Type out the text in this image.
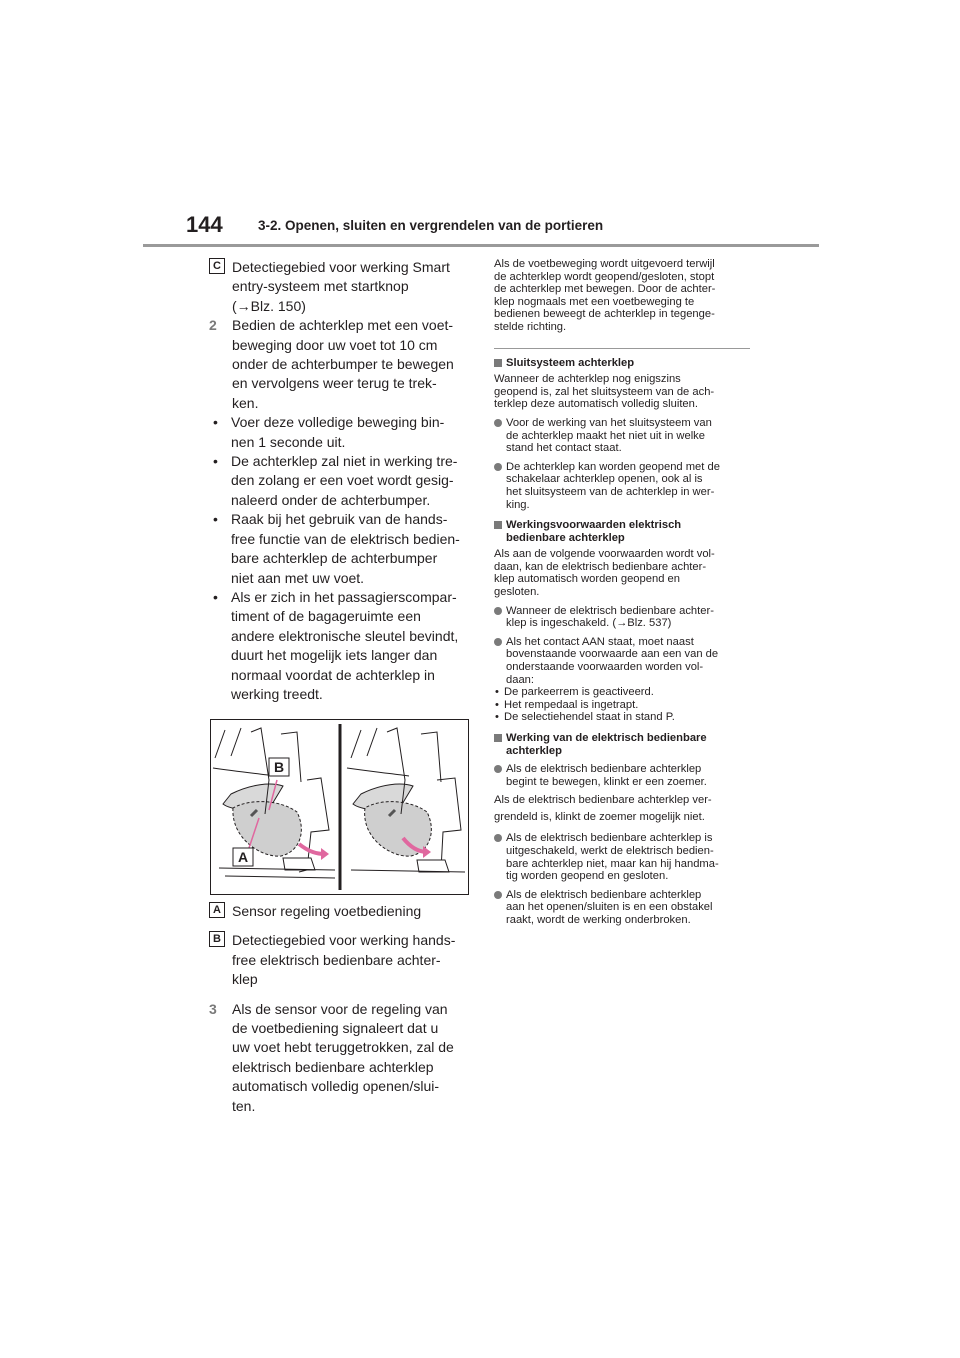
144	3-2. Openen, sluiten en vergrendelen van de portieren
C Detectiegebied voor werking Smart
entry-systeem met startknop
(→Blz. 150)
2 Bedien de achterklep met een voet-
beweging door uw voet tot 10 cm
onder de achterbumper te bewegen
en vervolgens weer terug te trek-
ken.
• Voer deze volledige beweging bin-
nen 1 seconde uit.
• De achterklep zal niet in werking tre-
den zolang er een voet wordt gesig-
naleerd onder de achterbumper.
• Raak bij het gebruik van de hands-
free functie van de elektrisch bedien-
bare achterklep de achterbumper
niet aan met uw voet.
• Als er zich in het passagierscompar-
timent of de bagageruimte een
andere elektronische sleutel bevindt,
duurt het mogelijk iets langer dan
normaal voordat de achterklep in
werking treedt.
A
B
A Sensor regeling voetbediening
B Detectiegebied voor werking hands-
free elektrisch bedienbare achter-
klep
3 Als de sensor voor de regeling van
de voetbediening signaleert dat u
uw voet hebt teruggetrokken, zal de
elektrisch bedienbare achterklep
automatisch volledig openen/slui-
ten.
Als de voetbeweging wordt uitgevoerd terwijl
de achterklep wordt geopend/gesloten, stopt
de achterklep met bewegen. Door de achter-
klep nogmaals met een voetbeweging te
bedienen beweegt de achterklep in tegenge-
stelde richting.
Sluitsysteem achterklep
Wanneer de achterklep nog enigszins
geopend is, zal het sluitsysteem van de ach-
terklep deze automatisch volledig sluiten.
Voor de werking van het sluitsysteem van
de achterklep maakt het niet uit in welke
stand het contact staat.
De achterklep kan worden geopend met de
schakelaar achterklep openen, ook al is
het sluitsysteem van de achterklep in wer-
king.
Werkingsvoorwaarden elektrisch
bedienbare achterklep
Als aan de volgende voorwaarden wordt vol-
daan, kan de elektrisch bedienbare achter-
klep automatisch worden geopend en
gesloten.
Wanneer de elektrisch bedienbare achter-
klep is ingeschakeld. (→Blz. 537)
Als het contact AAN staat, moet naast
bovenstaande voorwaarde aan een van de
onderstaande voorwaarden worden vol-
daan:
• De parkeerrem is geactiveerd.
• Het rempedaal is ingetrapt.
• De selectiehendel staat in stand P.
Werking van de elektrisch bedienbare
achterklep
Als de elektrisch bedienbare achterklep
begint te bewegen, klinkt er een zoemer.
Als de elektrisch bedienbare achterklep ver-
grendeld is, klinkt de zoemer mogelijk niet.
Als de elektrisch bedienbare achterklep is
uitgeschakeld, werkt de elektrisch bedien-
bare achterklep niet, maar kan hij handma-
tig worden geopend en gesloten.
Als de elektrisch bedienbare achterklep
aan het openen/sluiten is en een obstakel
raakt, wordt de werking onderbroken.
